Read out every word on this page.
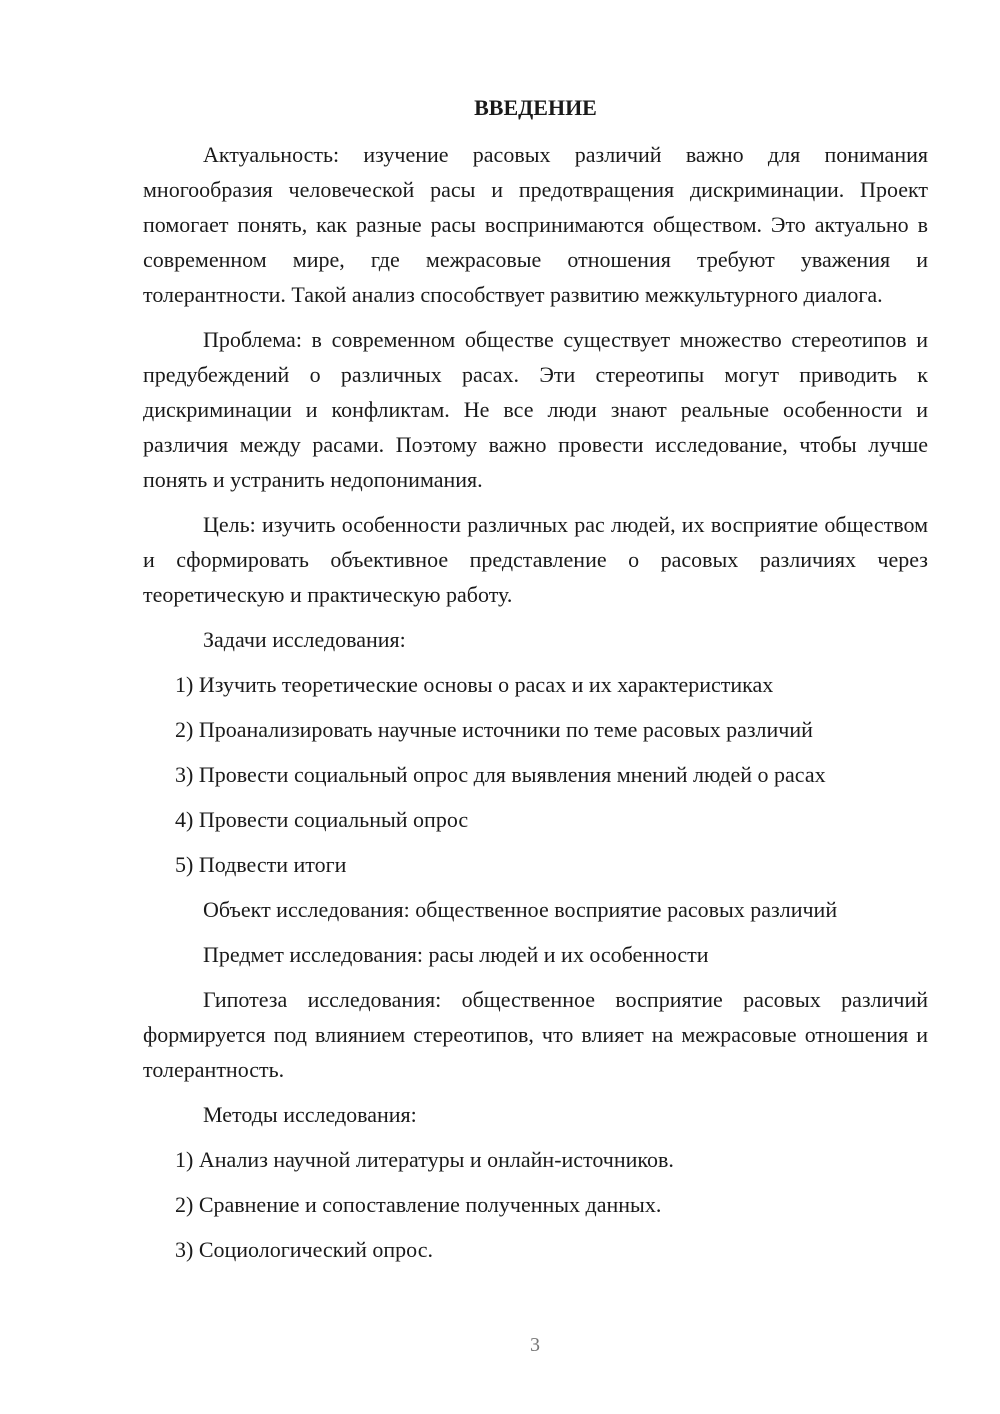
ВВЕДЕНИЕ

Актуальность: изучение расовых различий важно для понимания многообразия человеческой расы и предотвращения дискриминации. Проект помогает понять, как разные расы воспринимаются обществом. Это актуально в современном мире, где межрасовые отношения требуют уважения и толерантности. Такой анализ способствует развитию межкультурного диалога.

Проблема: в современном обществе существует множество стереотипов и предубеждений о различных расах. Эти стереотипы могут приводить к дискриминации и конфликтам. Не все люди знают реальные особенности и различия между расами. Поэтому важно провести исследование, чтобы лучше понять и устранить недопонимания.

Цель: изучить особенности различных рас людей, их восприятие обществом и сформировать объективное представление о расовых различиях через теоретическую и практическую работу.

Задачи исследования:
1) Изучить теоретические основы о расах и их характеристиках
2) Проанализировать научные источники по теме расовых различий
3) Провести социальный опрос для выявления мнений людей о расах
4) Провести социальный опрос
5) Подвести итоги
Объект исследования: общественное восприятие расовых различий
Предмет исследования: расы людей и их особенности

Гипотеза исследования: общественное восприятие расовых различий формируется под влиянием стереотипов, что влияет на межрасовые отношения и толерантность.

Методы исследования:
1) Анализ научной литературы и онлайн-источников.
2) Сравнение и сопоставление полученных данных.
3) Социологический опрос.
3
